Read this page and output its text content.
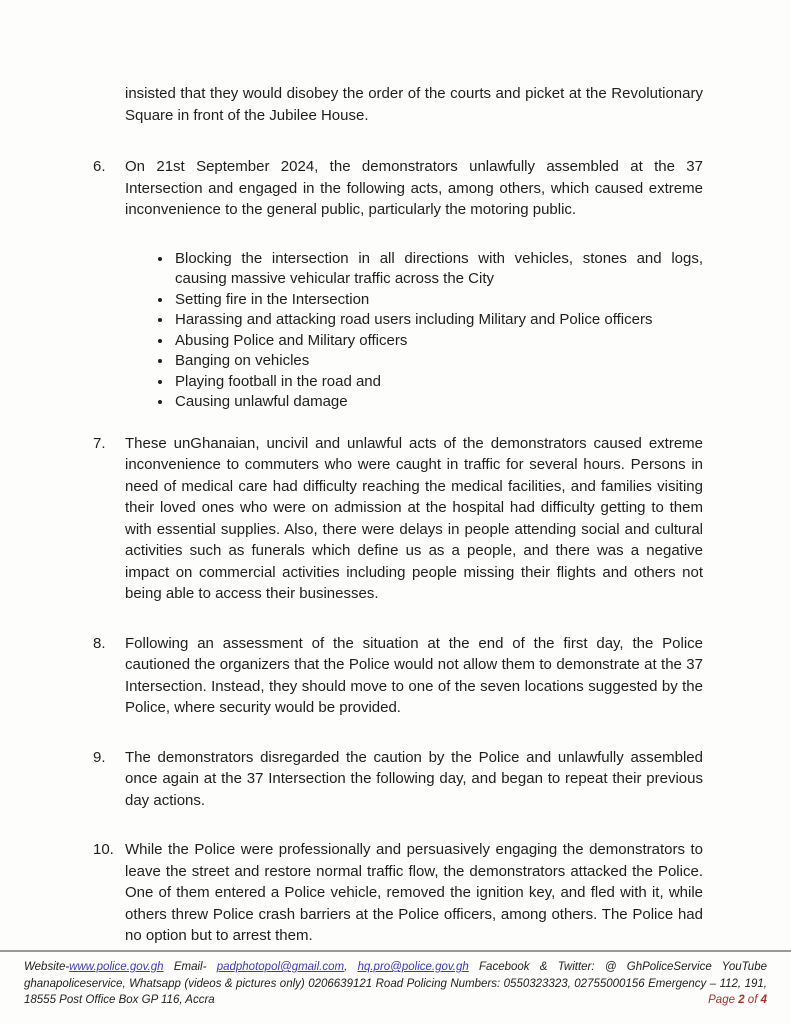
insisted that they would disobey the order of the courts and picket at the Revolutionary Square in front of the Jubilee House.
6.	On 21st September 2024, the demonstrators unlawfully assembled at the 37 Intersection and engaged in the following acts, among others, which caused extreme inconvenience to the general public, particularly the motoring public.
• Blocking the intersection in all directions with vehicles, stones and logs, causing massive vehicular traffic across the City
• Setting fire in the Intersection
• Harassing and attacking road users including Military and Police officers
• Abusing Police and Military officers
• Banging on vehicles
• Playing football in the road and
• Causing unlawful damage
7.	These unGhanaian, uncivil and unlawful acts of the demonstrators caused extreme inconvenience to commuters who were caught in traffic for several hours. Persons in need of medical care had difficulty reaching the medical facilities, and families visiting their loved ones who were on admission at the hospital had difficulty getting to them with essential supplies. Also, there were delays in people attending social and cultural activities such as funerals which define us as a people, and there was a negative impact on commercial activities including people missing their flights and others not being able to access their businesses.
8.	Following an assessment of the situation at the end of the first day, the Police cautioned the organizers that the Police would not allow them to demonstrate at the 37 Intersection. Instead, they should move to one of the seven locations suggested by the Police, where security would be provided.
9.	The demonstrators disregarded the caution by the Police and unlawfully assembled once again at the 37 Intersection the following day, and began to repeat their previous day actions.
10. While the Police were professionally and persuasively engaging the demonstrators to leave the street and restore normal traffic flow, the demonstrators attacked the Police. One of them entered a Police vehicle, removed the ignition key, and fled with it, while others threw Police crash barriers at the Police officers, among others. The Police had no option but to arrest them.
Website-www.police.gov.gh Email- padphotopol@gmail.com, hq.pro@police.gov.gh Facebook & Twitter: @ GhPoliceService YouTube
ghanapoliceservice, Whatsapp (videos & pictures only) 0206639121 Road Policing Numbers: 0550323323, 02755000156 Emergency – 112, 191,
18555 Post Office Box GP 116, Accra	Page 2 of 4
